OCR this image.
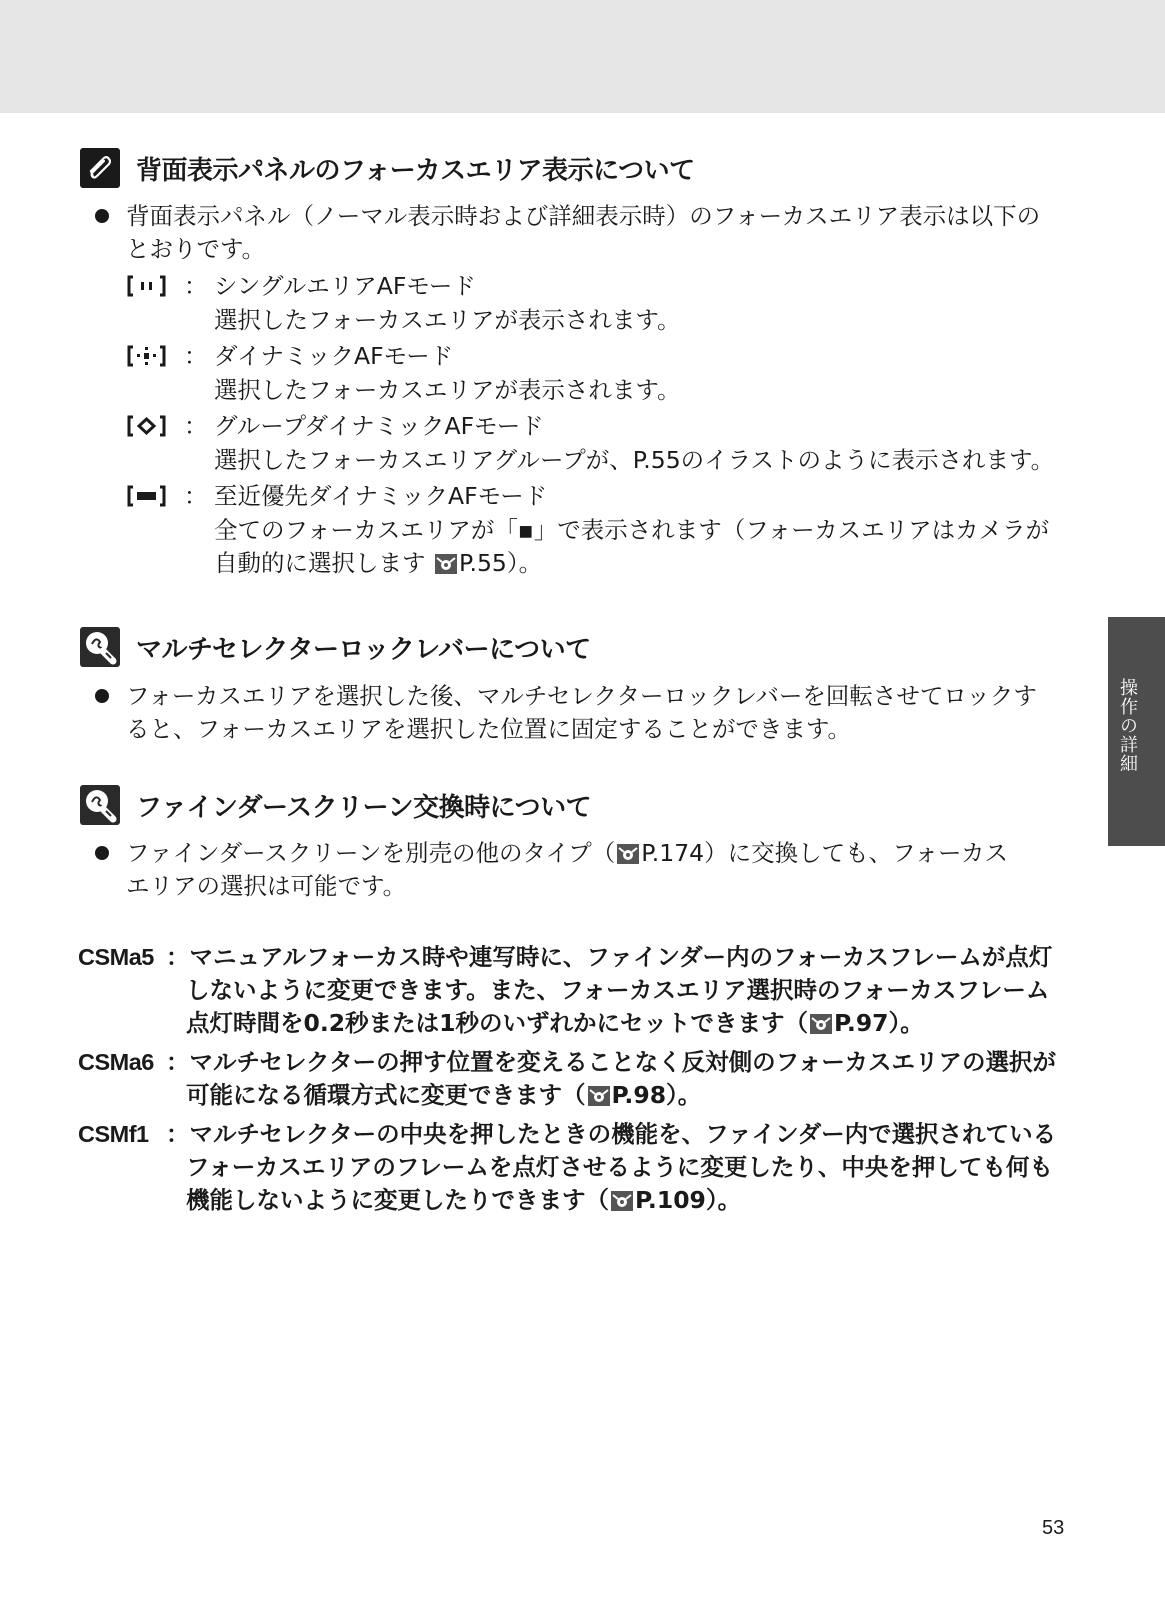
操作の詳細
背面表示パネルのフォーカスエリア表示について
背面表示パネル（ノーマル表示時および詳細表示時）のフォーカスエリア表示は以下の
とおりです。
： シングルエリアAFモード
選択したフォーカスエリアが表示されます。
： ダイナミックAFモード
選択したフォーカスエリアが表示されます。
： グループダイナミックAFモード
選択したフォーカスエリアグループが、P.55のイラストのように表示されます。
： 至近優先ダイナミックAFモード
全てのフォーカスエリアが「▪」で表示されます（フォーカスエリアはカメラが
自動的に選択します P.55）。
マルチセレクターロックレバーについて
フォーカスエリアを選択した後、マルチセレクターロックレバーを回転させてロックす
ると、フォーカスエリアを選択した位置に固定することができます。
ファインダースクリーン交換時について
ファインダースクリーンを別売の他のタイプ（ P.174）に交換しても、フォーカス
エリアの選択は可能です。
CSMa5 ：マニュアルフォーカス時や連写時に、ファインダー内のフォーカスフレームが点灯
しないように変更できます。また、フォーカスエリア選択時のフォーカスフレーム
点灯時間を0.2秒または1秒のいずれかにセットできます（ P.97）。
CSMa6 ：マルチセレクターの押す位置を変えることなく反対側のフォーカスエリアの選択が
可能になる循環方式に変更できます（ P.98）。
CSMf1 ：マルチセレクターの中央を押したときの機能を、ファインダー内で選択されている
フォーカスエリアのフレームを点灯させるように変更したり、中央を押しても何も
機能しないように変更したりできます（ P.109）。
53
